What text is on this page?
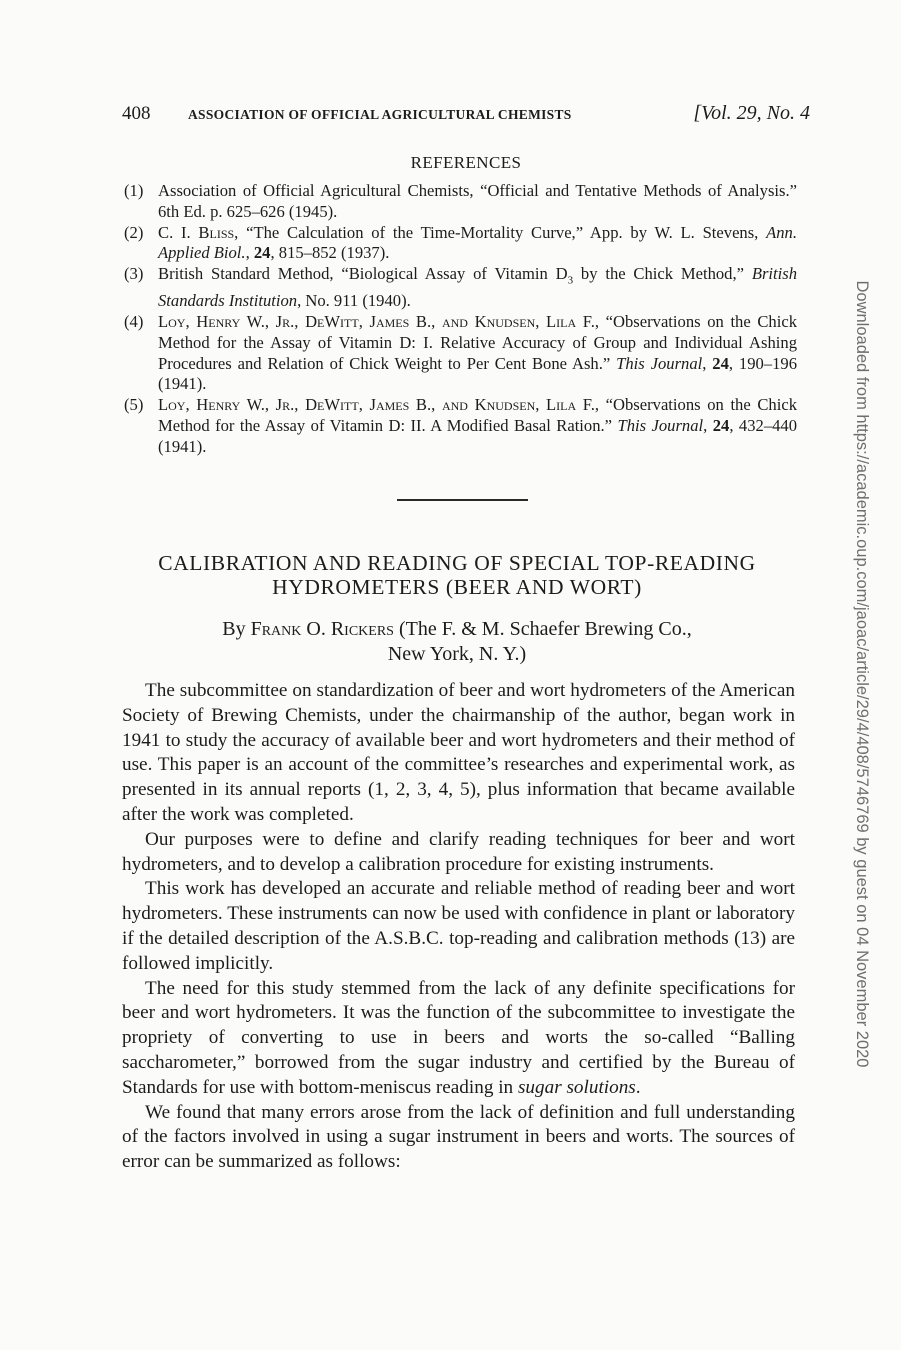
408	ASSOCIATION OF OFFICIAL AGRICULTURAL CHEMISTS	[Vol. 29, No. 4
REFERENCES
(1) Association of Official Agricultural Chemists, “Official and Tentative Methods of Analysis.” 6th Ed. p. 625–626 (1945).
(2) C. I. Bliss, “The Calculation of the Time-Mortality Curve,” App. by W. L. Stevens, Ann. Applied Biol., 24, 815–852 (1937).
(3) British Standard Method, “Biological Assay of Vitamin $D_3$ by the Chick Method,” British Standards Institution, No. 911 (1940).
(4) Loy, Henry W., Jr., DeWitt, James B., and Knudsen, Lila F., “Observations on the Chick Method for the Assay of Vitamin D: I. Relative Accuracy of Group and Individual Ashing Procedures and Relation of Chick Weight to Per Cent Bone Ash.” This Journal, 24, 190–196 (1941).
(5) Loy, Henry W., Jr., DeWitt, James B., and Knudsen, Lila F., “Observations on the Chick Method for the Assay of Vitamin D: II. A Modified Basal Ration.” This Journal, 24, 432–440 (1941).
CALIBRATION AND READING OF SPECIAL TOP-READING
HYDROMETERS (BEER AND WORT)
By Frank O. Rickers (The F. & M. Schaefer Brewing Co.,
New York, N. Y.)

The subcommittee on standardization of beer and wort hydrometers of the American Society of Brewing Chemists, under the chairmanship of the author, began work in 1941 to study the accuracy of available beer and wort hydrometers and their method of use. This paper is an account of the committee’s researches and experimental work, as presented in its annual reports (1, 2, 3, 4, 5), plus information that became available after the work was completed.

Our purposes were to define and clarify reading techniques for beer and wort hydrometers, and to develop a calibration procedure for existing instruments.

This work has developed an accurate and reliable method of reading beer and wort hydrometers. These instruments can now be used with confidence in plant or laboratory if the detailed description of the A.S.B.C. top-reading and calibration methods (13) are followed implicitly.

The need for this study stemmed from the lack of any definite specifications for beer and wort hydrometers. It was the function of the subcommittee to investigate the propriety of converting to use in beers and worts the so-called “Balling saccharometer,” borrowed from the sugar industry and certified by the Bureau of Standards for use with bottom-meniscus reading in sugar solutions.

We found that many errors arose from the lack of definition and full understanding of the factors involved in using a sugar instrument in beers and worts. The sources of error can be summarized as follows:

Downloaded from https://academic.oup.com/jaoac/article/29/4/408/5746769 by guest on 04 November 2020
